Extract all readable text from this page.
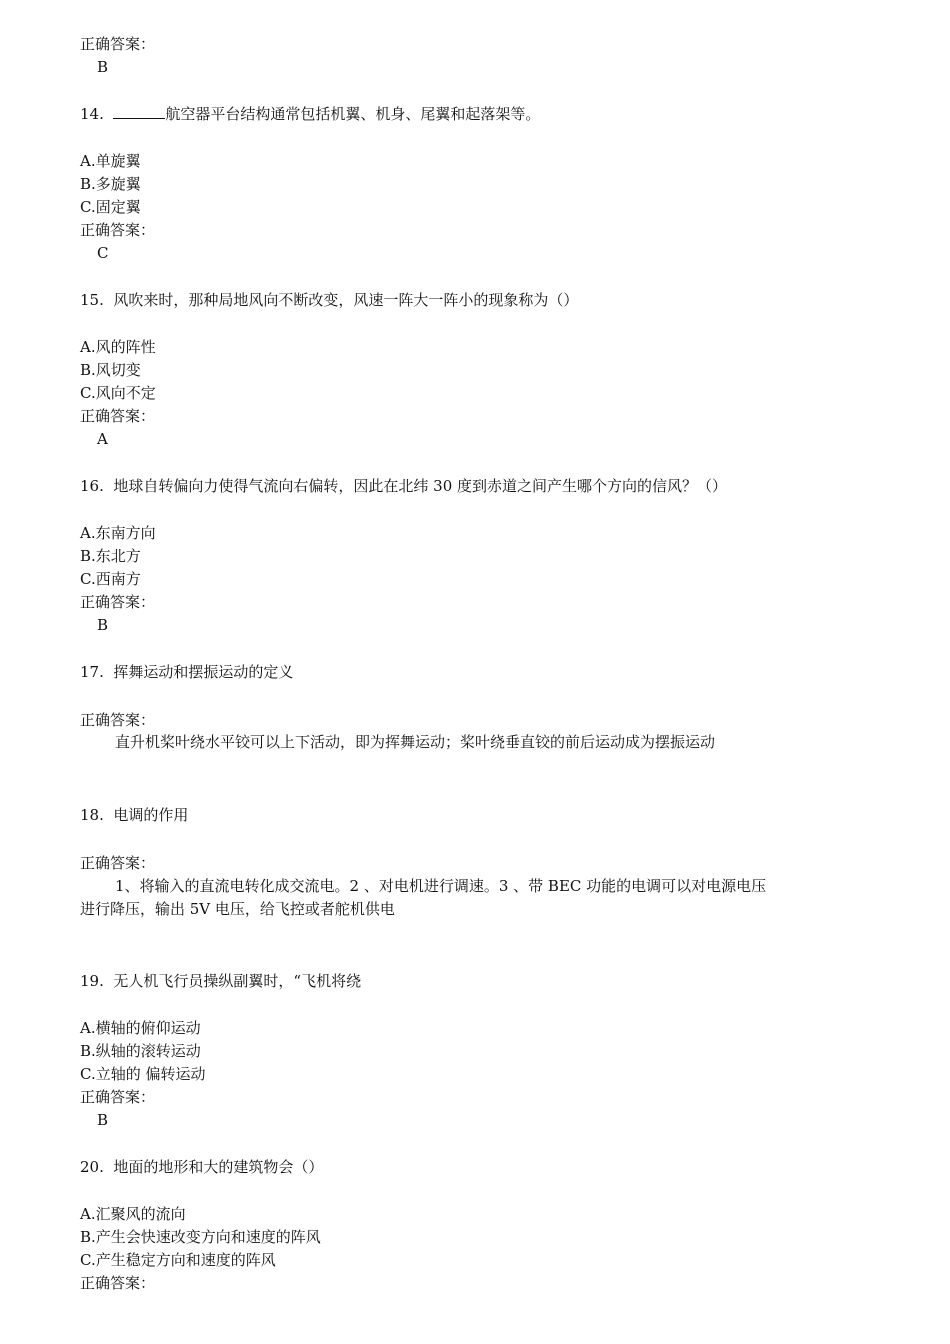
正确答案：
B
14.	航空器平台结构通常包括机翼、机身、尾翼和起落架等。
A.单旋翼
B.多旋翼
C.固定翼
正确答案：
C
15. 风吹来时，那种局地风向不断改变，风速一阵大一阵小的现象称为（）
A.风的阵性
B.风切变
C.风向不定
正确答案：
A
16. 地球自转偏向力使得气流向右偏转，因此在北纬 30 度到赤道之间产生哪个方向的信风？（）
A.东南方向
B.东北方
C.西南方
正确答案：
B
17. 挥舞运动和摆振运动的定义
正确答案：
直升机桨叶绕水平铰可以上下活动，即为挥舞运动；桨叶绕垂直铰的前后运动成为摆振运动
18. 电调的作用
正确答案：
1、将输入的直流电转化成交流电。2 、对电机进行调速。3 、带 BEC 功能的电调可以对电源电压
进行降压，输出 5V 电压，给飞控或者舵机供电
19. 无人机飞行员操纵副翼时，“飞机将绕
A.横轴的俯仰运动
B.纵轴的滚转运动
C.立轴的 偏转运动
正确答案：
B
20. 地面的地形和大的建筑物会（）
A.汇聚风的流向
B.产生会快速改变方向和速度的阵风
C.产生稳定方向和速度的阵风
正确答案：
